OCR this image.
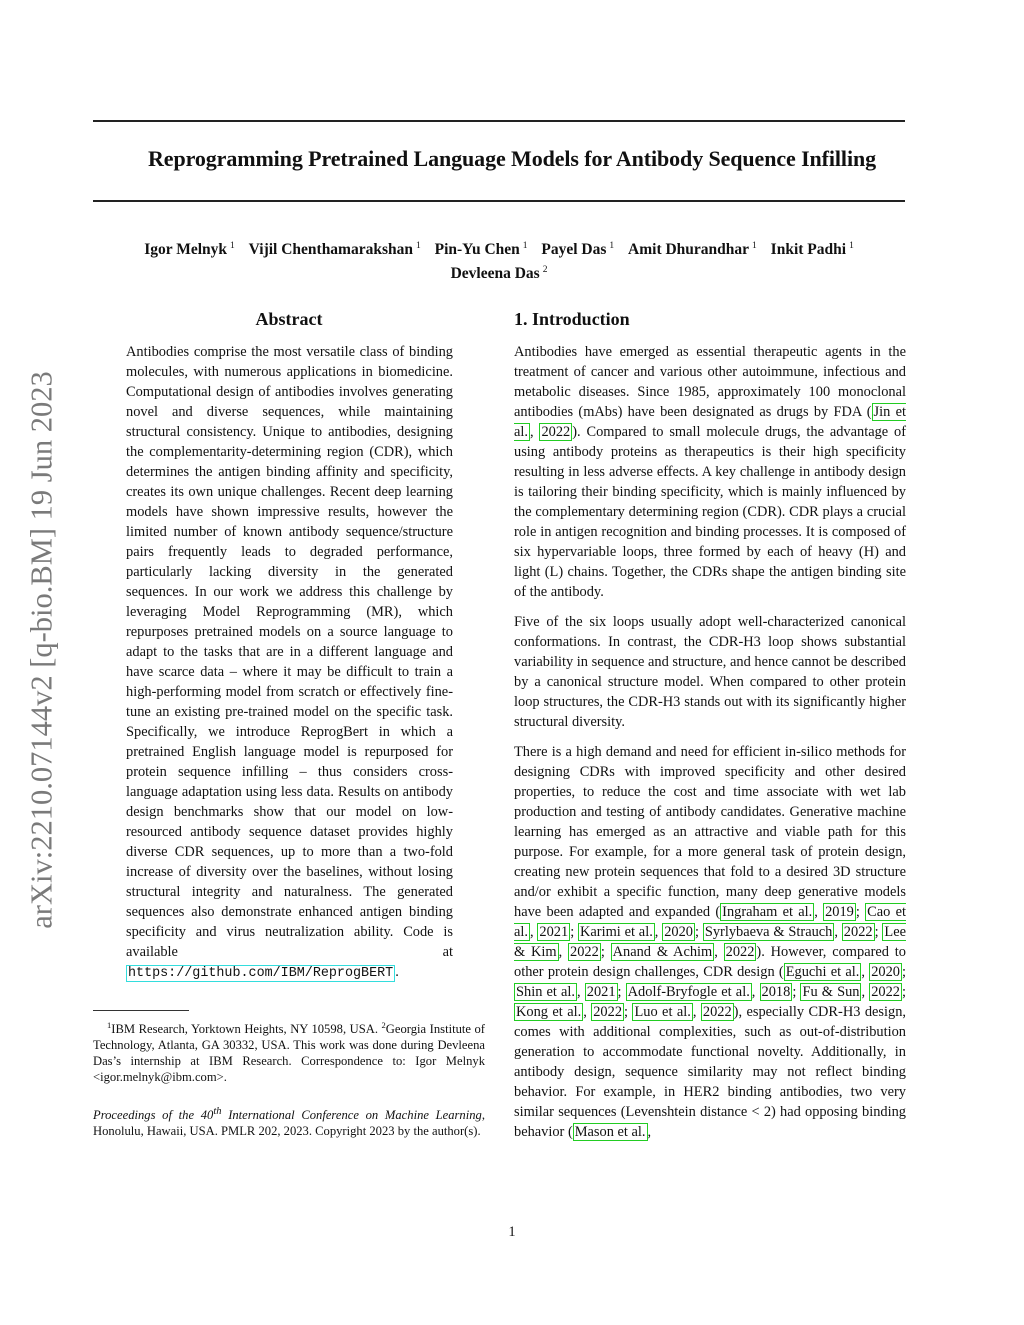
Reprogramming Pretrained Language Models for Antibody Sequence Infilling
Igor Melnyk $^1$ Vijil Chenthamarakshan $^1$ Pin-Yu Chen $^1$ Payel Das $^1$ Amit Dhurandhar $^1$ Inkit Padhi $^1$
Devleena Das $^2$
arXiv:2210.07144v2 [q-bio.BM] 19 Jun 2023
Abstract

Antibodies comprise the most versatile class of binding molecules, with numerous applications in biomedicine. Computational design of antibodies involves generating novel and diverse sequences, while maintaining structural consistency. Unique to antibodies, designing the complementarity-determining region (CDR), which determines the antigen binding affinity and specificity, creates its own unique challenges. Recent deep learning models have shown impressive results, however the limited number of known antibody sequence/structure pairs frequently leads to degraded performance, particularly lacking diversity in the generated sequences. In our work we address this challenge by leveraging Model Reprogramming (MR), which repurposes pretrained models on a source language to adapt to the tasks that are in a different language and have scarce data – where it may be difficult to train a high-performing model from scratch or effectively fine-tune an existing pre-trained model on the specific task. Specifically, we introduce ReprogBert in which a pretrained English language model is repurposed for protein sequence infilling – thus considers cross-language adaptation using less data. Results on antibody design benchmarks show that our model on low-resourced antibody sequence dataset provides highly diverse CDR sequences, up to more than a two-fold increase of diversity over the baselines, without losing structural integrity and naturalness. The generated sequences also demonstrate enhanced antigen binding specificity and virus neutralization ability. Code is available at https://github.com/IBM/ReprogBERT .

$^1$IBM Research, Yorktown Heights, NY 10598, USA. $^2$Georgia Institute of Technology, Atlanta, GA 30332, USA. This work was done during Devleena Das’s internship at IBM Research. Correspondence to: Igor Melnyk <igor.melnyk@ibm.com>.

Proceedings of the 40th International Conference on Machine Learning, Honolulu, Hawaii, USA. PMLR 202, 2023. Copyright 2023 by the author(s).

1. Introduction

Antibodies have emerged as essential therapeutic agents in the treatment of cancer and various other autoimmune, infectious and metabolic diseases. Since 1985, approximately 100 monoclonal antibodies (mAbs) have been designated as drugs by FDA ( Jin et al. , 2022 ). Compared to small molecule drugs, the advantage of using antibody proteins as therapeutics is their high specificity resulting in less adverse effects. A key challenge in antibody design is tailoring their binding specificity, which is mainly influenced by the complementary determining region (CDR). CDR plays a crucial role in antigen recognition and binding processes. It is composed of six hypervariable loops, three formed by each of heavy (H) and light (L) chains. Together, the CDRs shape the antigen binding site of the antibody.

Five of the six loops usually adopt well-characterized canonical conformations. In contrast, the CDR-H3 loop shows substantial variability in sequence and structure, and hence cannot be described by a canonical structure model. When compared to other protein loop structures, the CDR-H3 stands out with its significantly higher structural diversity.

There is a high demand and need for efficient in-silico methods for designing CDRs with improved specificity and other desired properties, to reduce the cost and time associate with wet lab production and testing of antibody candidates. Generative machine learning has emerged as an attractive and viable path for this purpose. For example, for a more general task of protein design, creating new protein sequences that fold to a desired 3D structure and/or exhibit a specific function, many deep generative models have been adapted and expanded ( Ingraham et al. , 2019 ; Cao et al. , 2021 ; Karimi et al. , 2020 ; Syrlybaeva & Strauch , 2022 ; Lee & Kim , 2022 ; Anand & Achim , 2022 ). However, compared to other protein design challenges, CDR design ( Eguchi et al. , 2020 ; Shin et al. , 2021 ; Adolf-Bryfogle et al. , 2018 ; Fu & Sun , 2022 ; Kong et al. , 2022 ; Luo et al. , 2022 ), especially CDR-H3 design, comes with additional complexities, such as out-of-distribution generation to accommodate functional novelty. Additionally, in antibody design, sequence similarity may not reflect binding behavior. For example, in HER2 binding antibodies, two very similar sequences (Levenshtein distance < 2) had opposing binding behavior ( Mason et al. ,

1
